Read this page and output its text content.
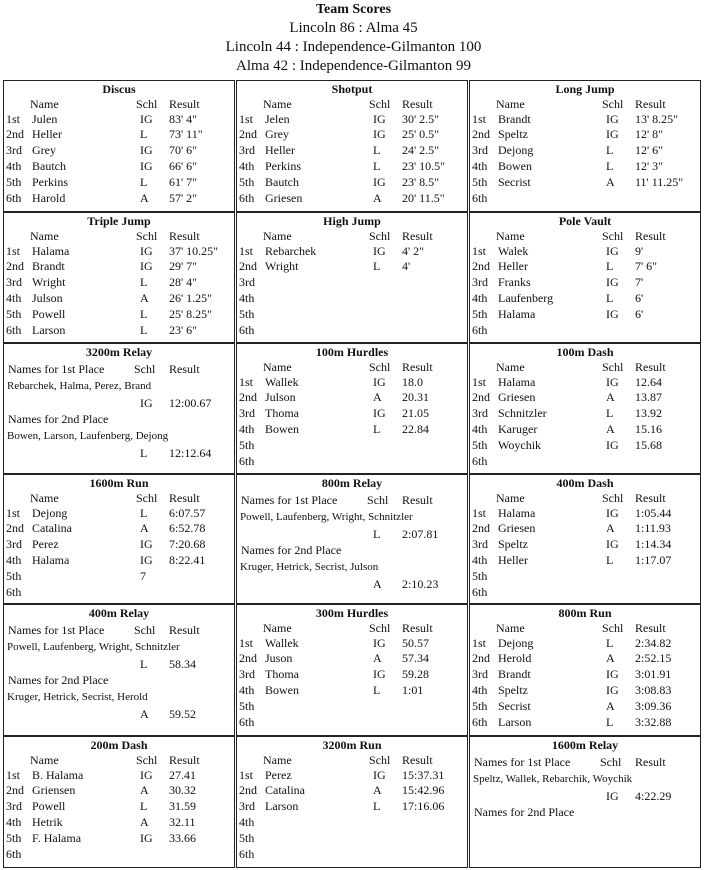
Team Scores
Lincoln 86 : Alma 45
Lincoln 44 : Independence-Gilmanton 100
Alma 42 : Independence-Gilmanton 99
Discus
Name	Schl Result
1st Julen	IG 83' 4"
2nd Heller	L 73' 11"
3rd Grey	IG 70' 6"
4th Bautch	IG 66' 6"
5th Perkins	L 61' 7"
6th Harold	A 57' 2"
Shotput
Name	Schl Result
1st Jelen	IG 30' 2.5"
2nd Grey	IG 25' 0.5"
3rd Heller	L 24' 2.5"
4th Perkins	L 23' 10.5"
5th Bautch	IG 23' 8.5"
6th Griesen	A 20' 11.5"
Long Jump
Name	Schl Result
1st Brandt	IG 13' 8.25"
2nd Speltz	IG 12' 8"
3rd Dejong	L 12' 6"
4th Bowen	L 12' 3"
5th Secrist	A 11' 11.25"
6th
Triple Jump
Name	Schl Result
1st Halama	IG 37' 10.25"
2nd Brandt	IG 29' 7"
3rd Wright	L 28' 4"
4th Julson	A 26' 1.25"
5th Powell	L 25' 8.25"
6th Larson	L 23' 6"
High Jump
Name	Schl Result
1st Rebarchek	IG 4' 2"
2nd Wright	L 4'
3rd
4th
5th
6th
Pole Vault
Name	Schl Result
1st Walek	IG 9'
2nd Heller	L 7' 6"
3rd Franks	IG 7'
4th Laufenberg	L 6'
5th Halama	IG 6'
6th
3200m Relay
Names for 1st Place Schl Result
Rebarchek, Halma, Perez, Brand
IG 12:00.67
Names for 2nd Place
Bowen, Larson, Laufenberg, Dejong
L 12:12.64
100m Hurdles
Name	Schl Result
1st Wallek	IG 18.0
2nd Julson	A 20.31
3rd Thoma	IG 21.05
4th Bowen	L 22.84
5th
6th
100m Dash
Name	Schl Result
1st Halama	IG 12.64
2nd Griesen	A 13.87
3rd Schnitzler	L 13.92
4th Karuger	A 15.16
5th Woychik	IG 15.68
6th
1600m Run
Name	Schl Result
1st Dejong	L 6:07.57
2nd Catalina	A 6:52.78
3rd Perez	IG 7:20.68
4th Halama	IG 8:22.41
5th	7
6th
800m Relay
Names for 1st Place Schl Result
Powell, Laufenberg, Wright, Schnitzler
L 2:07.81
Names for 2nd Place
Kruger, Hetrick, Secrist, Julson
A 2:10.23
400m Dash
Name	Schl Result
1st Halama	IG 1:05.44
2nd Griesen	A 1:11.93
3rd Speltz	IG 1:14.34
4th Heller	L 1:17.07
5th
6th
400m Relay
Names for 1st Place Schl Result
Powell, Laufenberg, Wright, Schnitzler
L 58.34
Names for 2nd Place
Kruger, Hetrick, Secrist, Herold
A 59.52
300m Hurdles
Name	Schl Result
1st Wallek	IG 50.57
2nd Juson	A 57.34
3rd Thoma	IG 59.28
4th Bowen	L 1:01
5th
6th
800m Run
Name	Schl Result
1st Dejong	L 2:34.82
2nd Herold	A 2:52.15
3rd Brandt	IG 3:01.91
4th Speltz	IG 3:08.83
5th Secrist	A 3:09.36
6th Larson	L 3:32.88
200m Dash
Name	Schl Result
1st B. Halama	IG 27.41
2nd Griensen	A 30.32
3rd Powell	L 31.59
4th Hetrik	A 32.11
5th F. Halama	IG 33.66
6th
3200m Run
Name	Schl Result
1st Perez	IG 15:37.31
2nd Catalina	A 15:42.96
3rd Larson	L 17:16.06
4th
5th
6th
1600m Relay
Names for 1st Place Schl Result
Speltz, Wallek, Rebarchik, Woychik
IG 4:22.29
Names for 2nd Place
